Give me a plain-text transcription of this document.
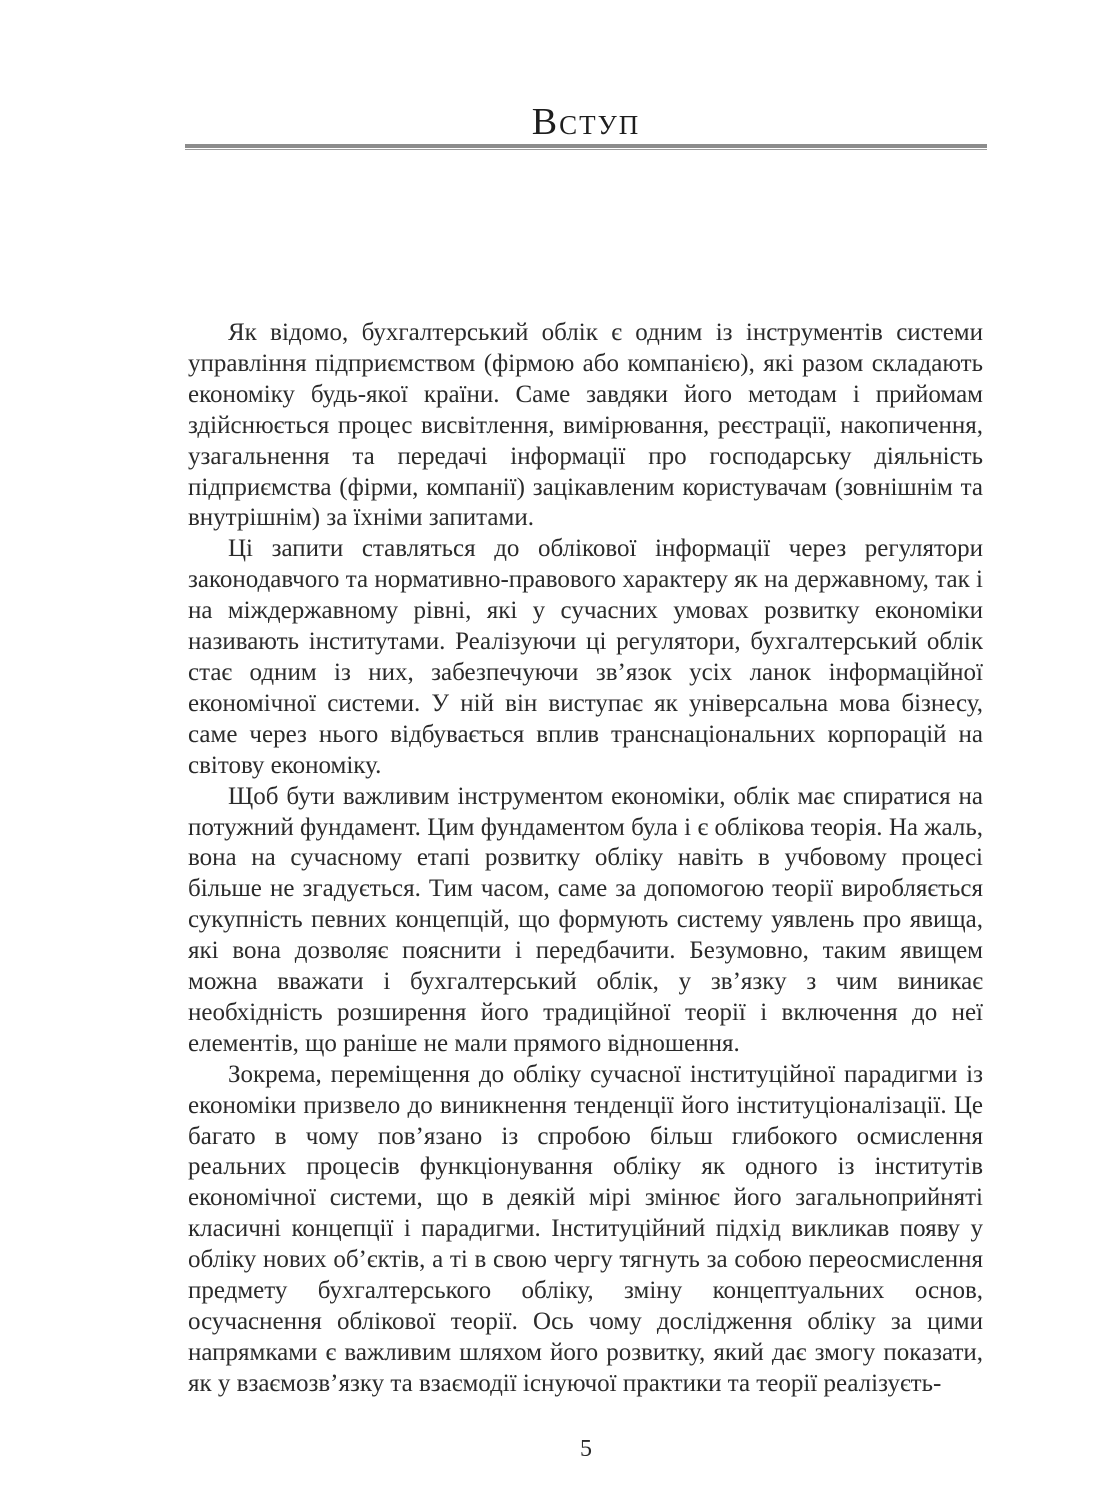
Вступ

Як відомо, бухгалтерський облік є одним із інструментів системи управління підприємством (фірмою або компанією), які разом складають економіку будь-якої країни. Саме завдяки його методам і прийомам здійснюється процес висвітлення, вимірювання, реєстрації, накопичення, узагальнення та передачі інформації про господарську діяльність підприємства (фірми, компанії) зацікавленим користувачам (зовнішнім та внутрішнім) за їхніми запитами.

Ці запити ставляться до облікової інформації через регулятори законодавчого та нормативно-правового характеру як на державному, так і на міждержавному рівні, які у сучасних умовах розвитку економіки називають інститутами. Реалізуючи ці регулятори, бухгалтерський облік стає одним із них, забезпечуючи зв’язок усіх ланок інформаційної економічної системи. У ній він виступає як універсальна мова бізнесу, саме через нього відбувається вплив транснаціональних корпорацій на світову економіку.

Щоб бути важливим інструментом економіки, облік має спиратися на потужний фундамент. Цим фундаментом була і є облікова теорія. На жаль, вона на сучасному етапі розвитку обліку навіть в учбовому процесі більше не згадується. Тим часом, саме за допомогою теорії виробляється сукупність певних концепцій, що формують систему уявлень про явища, які вона дозволяє пояснити і передбачити. Безумовно, таким явищем можна вважати і бухгалтерський облік, у зв’язку з чим виникає необхідність розширення його традиційної теорії і включення до неї елементів, що раніше не мали прямого відношення.

Зокрема, переміщення до обліку сучасної інституційної парадигми із економіки призвело до виникнення тенденції його інституціоналізації. Це багато в чому пов’язано із спробою більш глибокого осмислення реальних процесів функціонування обліку як одного із інститутів економічної системи, що в деякій мірі змінює його загальноприйняті класичні концепції і парадигми. Інституційний підхід викликав появу у обліку нових об’єктів, а ті в свою чергу тягнуть за собою переосмислення предмету бухгалтерського обліку, зміну концептуальних основ, осучаснення облікової теорії. Ось чому дослідження обліку за цими напрямками є важливим шляхом його розвитку, який дає змогу показати, як у взаємозв’язку та взаємодії існуючої практики та теорії реалізуєть-

5
